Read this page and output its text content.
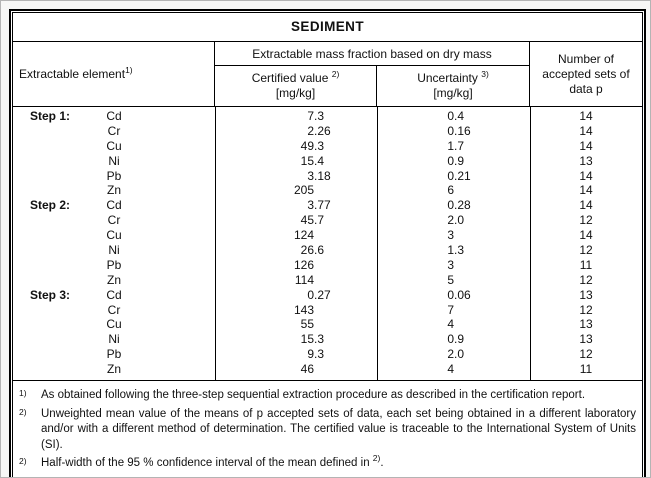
SEDIMENT
Extractable element$^{1)}$
Extractable mass fraction based on dry mass
Certified value $^{2)}$
[mg/kg]
Uncertainty $^{3)}$
[mg/kg]
Number of accepted sets of data p
Step 1:	Cd	7 .3	0 .4	14
Cr	2 .26	0 .16	14
Cu	49 .3	1 .7	14
Ni	15 .4	0 .9	13
Pb	3 .18	0 .21	14
Zn	205	6	14
Step 2:	Cd	3 .77	0 .28	14
Cr	45 .7	2 .0	12
Cu	124	3	14
Ni	26 .6	1 .3	12
Pb	126	3	11
Zn	114	5	12
Step 3:	Cd	0 .27	0 .06	13
Cr	143	7	12
Cu	55	4	13
Ni	15 .3	0 .9	13
Pb	9 .3	2 .0	12
Zn	46	4	11
1) As obtained following the three-step sequential extraction procedure as described in the certification report.
2) Unweighted mean value of the means of p accepted sets of data, each set being obtained in a different laboratory and/or with a different method of determination. The certified value is traceable to the International System of Units (SI).
2) Half-width of the 95 % confidence interval of the mean defined in $^{2)}$.
